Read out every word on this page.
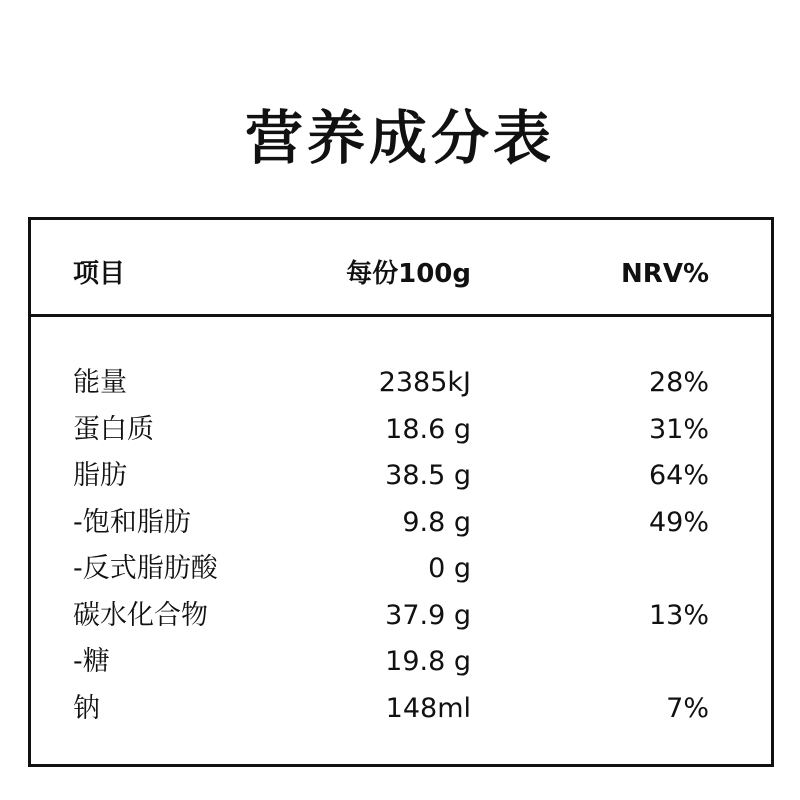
营养成分表
项目	每份100g	NRV%
能量	2385kJ	28%
蛋白质	18.6 g	31%
脂肪	38.5 g	64%
-饱和脂肪	9.8 g	49%
-反式脂肪酸	0 g
碳水化合物	37.9 g	13%
-糖	19.8 g
钠	148ml	7%
